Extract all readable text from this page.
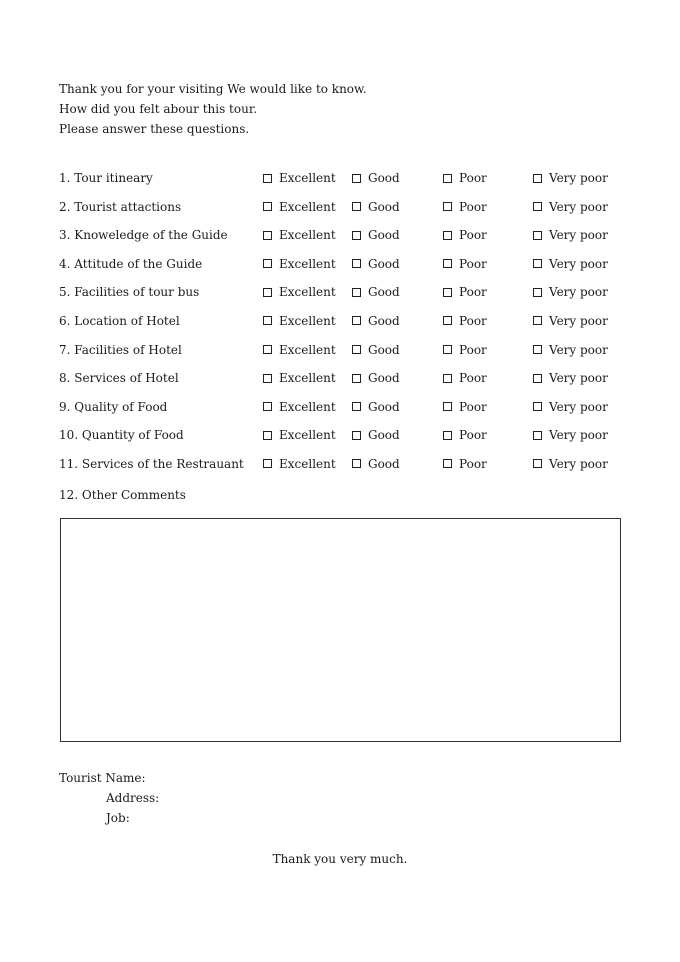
Thank you for your visiting We would like to know.
How did you felt abour this tour.
Please answer these questions.
1. Tour itineary	Excellent	Good	Poor	Very poor
2. Tourist attactions	Excellent	Good	Poor	Very poor
3. Knoweledge of the Guide	Excellent	Good	Poor	Very poor
4. Attitude of the Guide	Excellent	Good	Poor	Very poor
5. Facilities of tour bus	Excellent	Good	Poor	Very poor
6. Location of Hotel	Excellent	Good	Poor	Very poor
7. Facilities of Hotel	Excellent	Good	Poor	Very poor
8. Services of Hotel	Excellent	Good	Poor	Very poor
9. Quality of Food	Excellent	Good	Poor	Very poor
10. Quantity of Food	Excellent	Good	Poor	Very poor
11. Services of the Restrauant	Excellent	Good	Poor	Very poor
12. Other Comments
Tourist Name:
Address:
Job:
Thank you very much.
